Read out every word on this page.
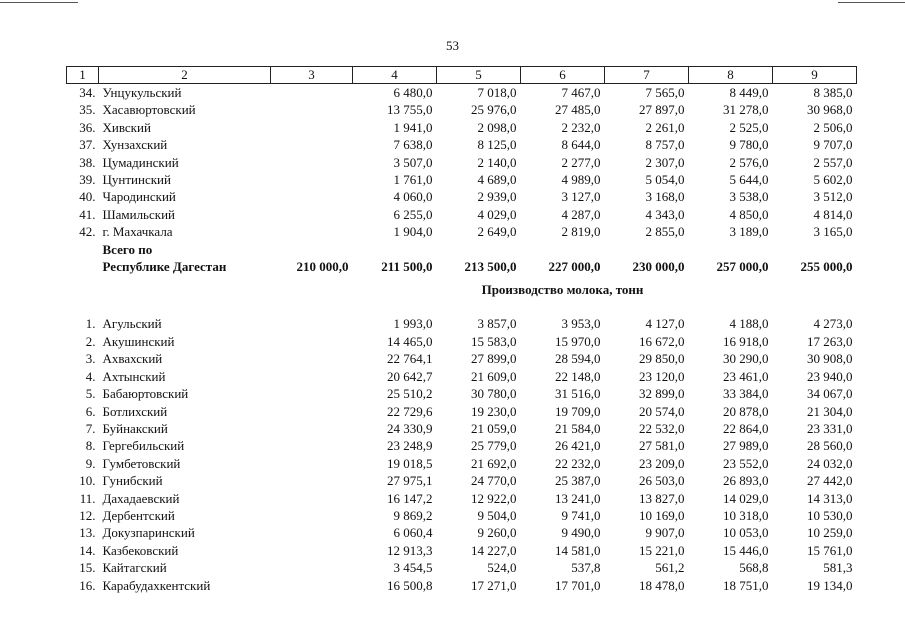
53
1	2	3	4	5	6	7	8	9
34.	Унцукульский		6 480,0	7 018,0	7 467,0	7 565,0	8 449,0	8 385,0
35.	Хасавюртовский		13 755,0	25 976,0	27 485,0	27 897,0	31 278,0	30 968,0
36.	Хивский		1 941,0	2 098,0	2 232,0	2 261,0	2 525,0	2 506,0
37.	Хунзахский		7 638,0	8 125,0	8 644,0	8 757,0	9 780,0	9 707,0
38.	Цумадинский		3 507,0	2 140,0	2 277,0	2 307,0	2 576,0	2 557,0
39.	Цунтинский		1 761,0	4 689,0	4 989,0	5 054,0	5 644,0	5 602,0
40.	Чародинский		4 060,0	2 939,0	3 127,0	3 168,0	3 538,0	3 512,0
41.	Шамильский		6 255,0	4 029,0	4 287,0	4 343,0	4 850,0	4 814,0
42.	г. Махачкала		1 904,0	2 649,0	2 819,0	2 855,0	3 189,0	3 165,0
	Всего по							
	Республике Дагестан	210 000,0	211 500,0	213 500,0	227 000,0	230 000,0	257 000,0	255 000,0
			Производство молока, тонн					
1.	Агульский		1 993,0	3 857,0	3 953,0	4 127,0	4 188,0	4 273,0
2.	Акушинский		14 465,0	15 583,0	15 970,0	16 672,0	16 918,0	17 263,0
3.	Ахвахский		22 764,1	27 899,0	28 594,0	29 850,0	30 290,0	30 908,0
4.	Ахтынский		20 642,7	21 609,0	22 148,0	23 120,0	23 461,0	23 940,0
5.	Бабаюртовский		25 510,2	30 780,0	31 516,0	32 899,0	33 384,0	34 067,0
6.	Ботлихский		22 729,6	19 230,0	19 709,0	20 574,0	20 878,0	21 304,0
7.	Буйнакский		24 330,9	21 059,0	21 584,0	22 532,0	22 864,0	23 331,0
8.	Гергебильский		23 248,9	25 779,0	26 421,0	27 581,0	27 989,0	28 560,0
9.	Гумбетовский		19 018,5	21 692,0	22 232,0	23 209,0	23 552,0	24 032,0
10.	Гунибский		27 975,1	24 770,0	25 387,0	26 503,0	26 893,0	27 442,0
11.	Дахадаевский		16 147,2	12 922,0	13 241,0	13 827,0	14 029,0	14 313,0
12.	Дербентский		9 869,2	9 504,0	9 741,0	10 169,0	10 318,0	10 530,0
13.	Докузпаринский		6 060,4	9 260,0	9 490,0	9 907,0	10 053,0	10 259,0
14.	Казбековский		12 913,3	14 227,0	14 581,0	15 221,0	15 446,0	15 761,0
15.	Кайтагский		3 454,5	524,0	537,8	561,2	568,8	581,3
16.	Карабудахкентский		16 500,8	17 271,0	17 701,0	18 478,0	18 751,0	19 134,0
